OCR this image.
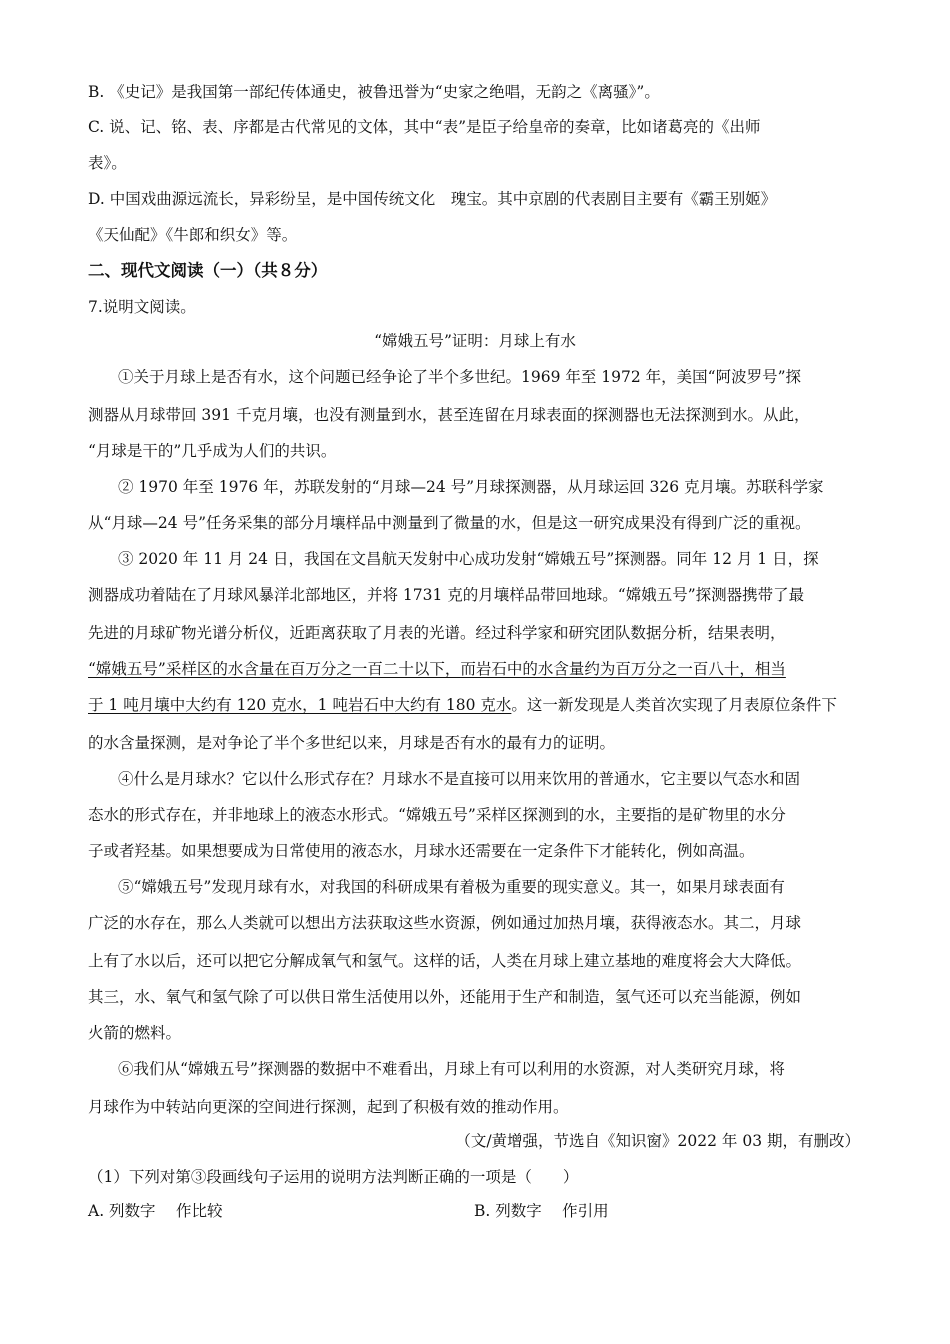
B. 《史记》是我国第一部纪传体通史，被鲁迅誉为“史家之绝唱，无韵之《离骚》”。
C. 说、记、铭、表、序都是古代常见的文体，其中“表”是臣子给皇帝的奏章，比如诸葛亮的《出师
表》。
D. 中国戏曲源远流长，异彩纷呈，是中国传统文化　瑰宝。其中京剧的代表剧目主要有《霸王别姬》
《天仙配》《牛郎和织女》等。
二、现代文阅读（一）（共８分）
7.说明文阅读。
“嫦娥五号”证明：月球上有水
①关于月球上是否有水，这个问题已经争论了半个多世纪。1969 年至 1972 年，美国“阿波罗号”探
测器从月球带回 391 千克月壤，也没有测量到水，甚至连留在月球表面的探测器也无法探测到水。从此，
“月球是干的”几乎成为人们的共识。
② 1970 年至 1976 年，苏联发射的“月球—24 号”月球探测器，从月球运回 326 克月壤。苏联科学家
从“月球—24 号”任务采集的部分月壤样品中测量到了微量的水，但是这一研究成果没有得到广泛的重视。
③ 2020 年 11 月 24 日，我国在文昌航天发射中心成功发射“嫦娥五号”探测器。同年 12 月 1 日，探
测器成功着陆在了月球风暴洋北部地区，并将 1731 克的月壤样品带回地球。“嫦娥五号”探测器携带了最
先进的月球矿物光谱分析仪，近距离获取了月表的光谱。经过科学家和研究团队数据分析，结果表明，
“嫦娥五号”采样区的水含量在百万分之一百二十以下，而岩石中的水含量约为百万分之一百八十，相当
于 1 吨月壤中大约有 120 克水，1 吨岩石中大约有 180 克水。这一新发现是人类首次实现了月表原位条件下
的水含量探测，是对争论了半个多世纪以来，月球是否有水的最有力的证明。
④什么是月球水？它以什么形式存在？月球水不是直接可以用来饮用的普通水，它主要以气态水和固
态水的形式存在，并非地球上的液态水形式。“嫦娥五号”采样区探测到的水，主要指的是矿物里的水分
子或者羟基。如果想要成为日常使用的液态水，月球水还需要在一定条件下才能转化，例如高温。
⑤“嫦娥五号”发现月球有水，对我国的科研成果有着极为重要的现实意义。其一，如果月球表面有
广泛的水存在，那么人类就可以想出方法获取这些水资源，例如通过加热月壤，获得液态水。其二，月球
上有了水以后，还可以把它分解成氧气和氢气。这样的话，人类在月球上建立基地的难度将会大大降低。
其三，水、氧气和氢气除了可以供日常生活使用以外，还能用于生产和制造，氢气还可以充当能源，例如
火箭的燃料。
⑥我们从“嫦娥五号”探测器的数据中不难看出，月球上有可以利用的水资源，对人类研究月球，将
月球作为中转站向更深的空间进行探测，起到了积极有效的推动作用。
（文/黄增强，节选自《知识窗》2022 年 03 期，有删改）
（1）下列对第③段画线句子运用的说明方法判断正确的一项是（　　）
A. 列数字　 作比较	B. 列数字　 作引用
